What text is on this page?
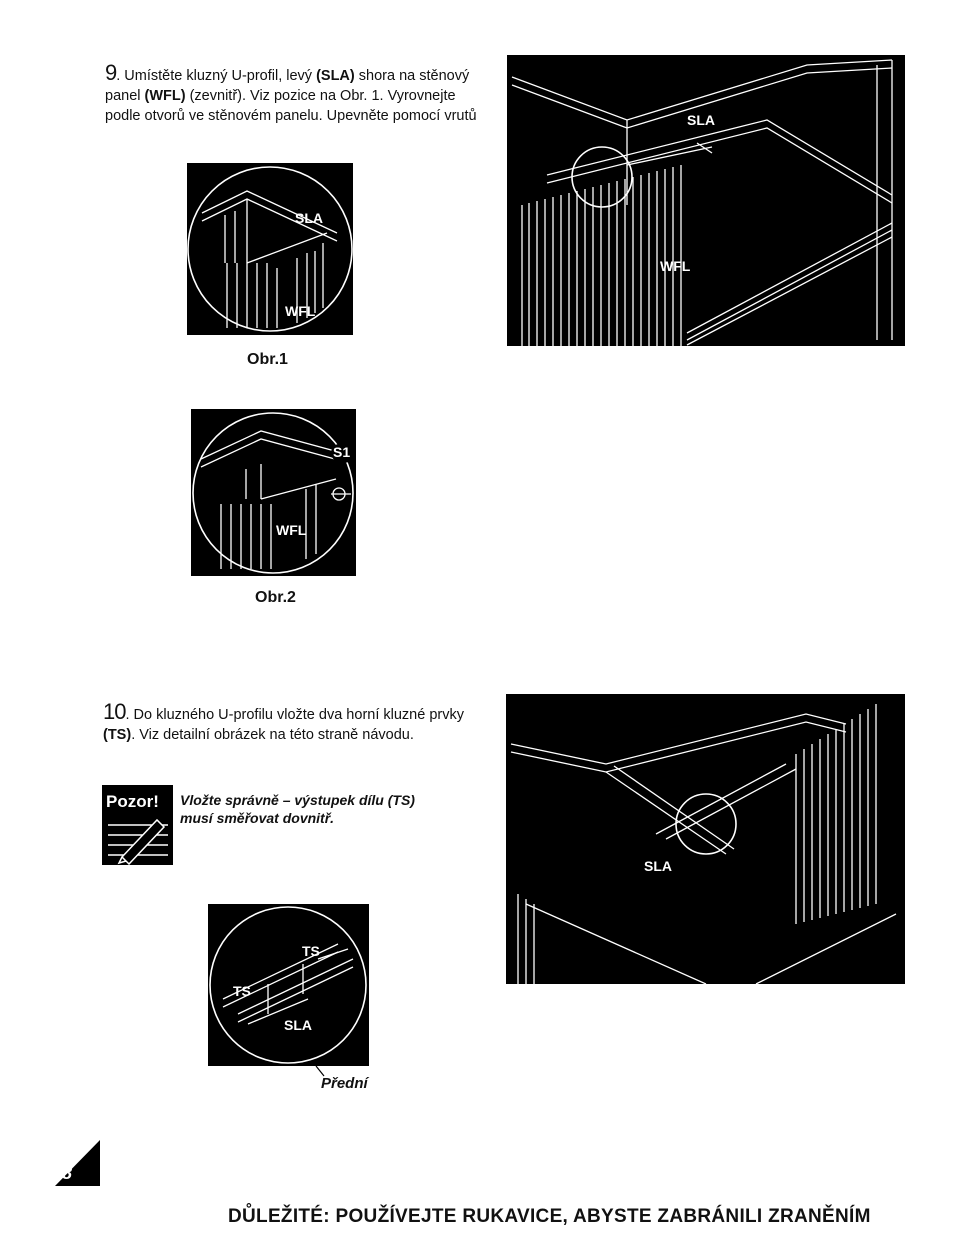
9. Umístěte kluzný U-profil, levý (SLA) shora na stěnový
panel (WFL) (zevnitř). Viz pozice na Obr. 1. Vyrovnejte
podle otvorů ve stěnovém panelu. Upevněte pomocí vrutů	SLA
WFL
SLA
WFL
Obr.1
S1
WFL
Obr.2
10. Do kluzného U-profilu vložte dva horní kluzné prvky
(TS). Viz detailní obrázek na této straně návodu.
Pozor! Vložte správně – výstupek dílu (TS)
musí směřovat dovnitř.
SLA
TS
TS
SLA
Přední
8
DŮLEŽITÉ: POUŽÍVEJTE RUKAVICE, ABYSTE ZABRÁNILI ZRANĚNÍM
